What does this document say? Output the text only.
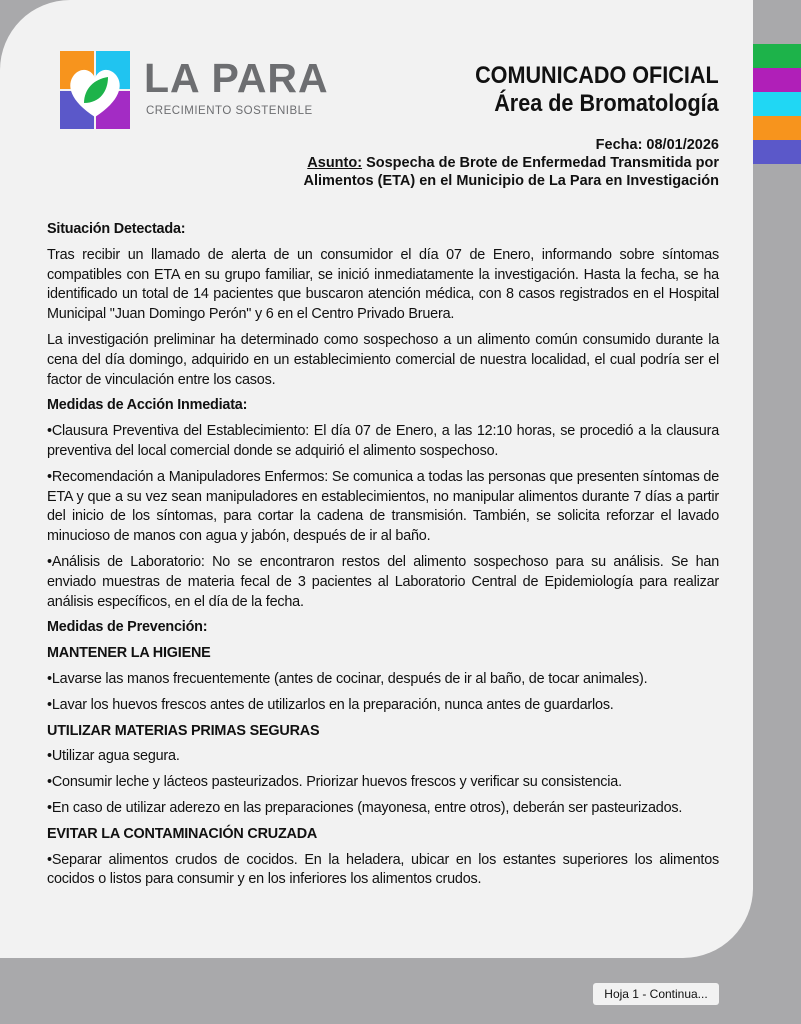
LA PARA
CRECIMIENTO SOSTENIBLE
COMUNICADO OFICIAL
Área de Bromatología
Fecha: 08/01/2026
Asunto: Sospecha de Brote de Enfermedad Transmitida por
Alimentos (ETA) en el Municipio de La Para en Investigación
Situación Detectada:

Tras recibir un llamado de alerta de un consumidor el día 07 de Enero, informando sobre síntomas compatibles con ETA en su grupo familiar, se inició inmediatamente la investigación. Hasta la fecha, se ha identificado un total de 14 pacientes que buscaron atención médica, con 8 casos registrados en el Hospital Municipal "Juan Domingo Perón" y 6 en el Centro Privado Bruera.

La investigación preliminar ha determinado como sospechoso a un alimento común consumido durante la cena del día domingo, adquirido en un establecimiento comercial de nuestra localidad, el cual podría ser el factor de vinculación entre los casos.

Medidas de Acción Inmediata:

•Clausura Preventiva del Establecimiento: El día 07 de Enero, a las 12:10 horas, se procedió a la clausura preventiva del local comercial donde se adquirió el alimento sospechoso.

•Recomendación a Manipuladores Enfermos: Se comunica a todas las personas que presenten síntomas de ETA y que a su vez sean manipuladores en establecimientos, no manipular alimentos durante 7 días a partir del inicio de los síntomas, para cortar la cadena de transmisión. También, se solicita reforzar el lavado minucioso de manos con agua y jabón, después de ir al baño.

•Análisis de Laboratorio: No se encontraron restos del alimento sospechoso para su análisis. Se han enviado muestras de materia fecal de 3 pacientes al Laboratorio Central de Epidemiología para realizar análisis específicos, en el día de la fecha.

Medidas de Prevención:
MANTENER LA HIGIENE

•Lavarse las manos frecuentemente (antes de cocinar, después de ir al baño, de tocar animales).

•Lavar los huevos frescos antes de utilizarlos en la preparación, nunca antes de guardarlos.

UTILIZAR MATERIAS PRIMAS SEGURAS

•Utilizar agua segura.

•Consumir leche y lácteos pasteurizados. Priorizar huevos frescos y verificar su consistencia.

•En caso de utilizar aderezo en las preparaciones (mayonesa, entre otros), deberán ser pasteurizados.

EVITAR LA CONTAMINACIÓN CRUZADA

•Separar alimentos crudos de cocidos. En la heladera, ubicar en los estantes superiores los alimentos cocidos o listos para consumir y en los inferiores los alimentos crudos.

Hoja 1 - Continua...
